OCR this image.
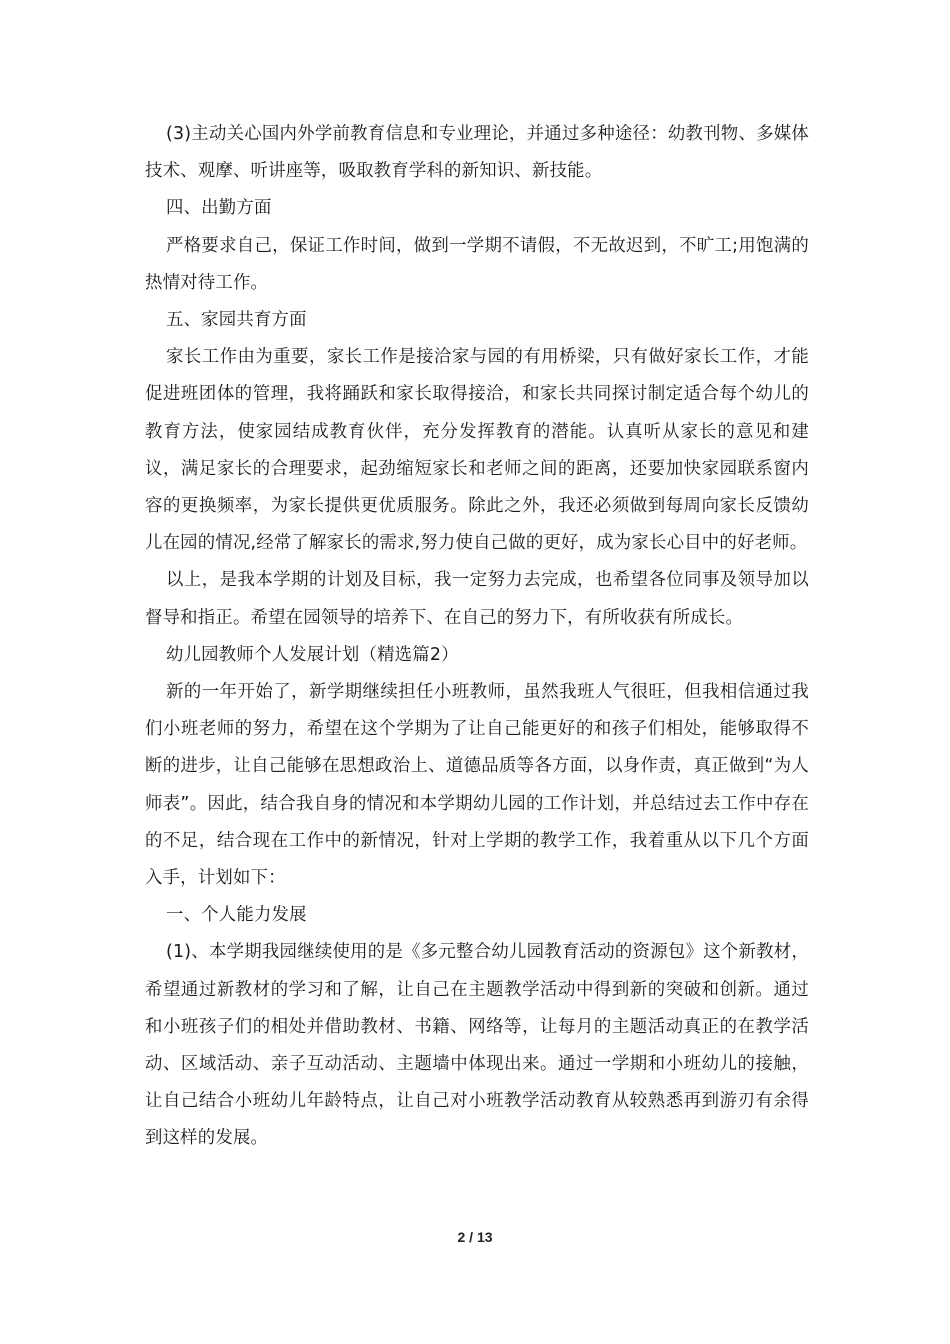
(3)主动关心国内外学前教育信息和专业理论，并通过多种途径：幼教刊物、多媒体技术、观摩、听讲座等，吸取教育学科的新知识、新技能。

四、出勤方面

严格要求自己，保证工作时间，做到一学期不请假，不无故迟到，不旷工;用饱满的热情对待工作。

五、家园共育方面

家长工作由为重要，家长工作是接洽家与园的有用桥梁，只有做好家长工作，才能促进班团体的管理，我将踊跃和家长取得接洽，和家长共同探讨制定适合每个幼儿的教育方法，使家园结成教育伙伴，充分发挥教育的潜能。认真听从家长的意见和建议，满足家长的合理要求，起劲缩短家长和老师之间的距离，还要加快家园联系窗内容的更换频率，为家长提供更优质服务。除此之外，我还必须做到每周向家长反馈幼儿在园的情况,经常了解家长的需求,努力使自己做的更好，成为家长心目中的好老师。

以上，是我本学期的计划及目标，我一定努力去完成，也希望各位同事及领导加以督导和指正。希望在园领导的培养下、在自己的努力下，有所收获有所成长。

幼儿园教师个人发展计划（精选篇2）

新的一年开始了，新学期继续担任小班教师，虽然我班人气很旺，但我相信通过我们小班老师的努力，希望在这个学期为了让自己能更好的和孩子们相处，能够取得不断的进步，让自己能够在思想政治上、道德品质等各方面，以身作责，真正做到“为人师表”。因此，结合我自身的情况和本学期幼儿园的工作计划，并总结过去工作中存在的不足，结合现在工作中的新情况，针对上学期的教学工作，我着重从以下几个方面入手，计划如下：

一、个人能力发展

(1)、本学期我园继续使用的是《多元整合幼儿园教育活动的资源包》这个新教材，希望通过新教材的学习和了解，让自己在主题教学活动中得到新的突破和创新。通过和小班孩子们的相处并借助教材、书籍、网络等，让每月的主题活动真正的在教学活动、区域活动、亲子互动活动、主题墙中体现出来。通过一学期和小班幼儿的接触，让自己结合小班幼儿年龄特点，让自己对小班教学活动教育从较熟悉再到游刃有余得到这样的发展。

2 / 13
